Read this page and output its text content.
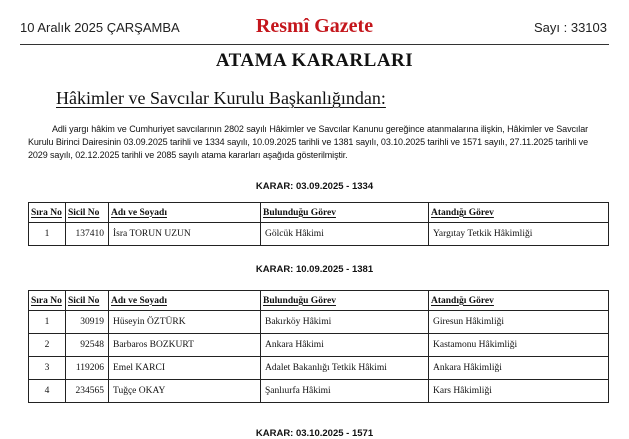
10 Aralık 2025 ÇARŞAMBA	Resmî Gazete	Sayı : 33103
ATAMA KARARLARI
Hâkimler ve Savcılar Kurulu Başkanlığından:
Adli yargı hâkim ve Cumhuriyet savcılarının 2802 sayılı Hâkimler ve Savcılar Kanunu gereğince atanmalarına ilişkin, Hâkimler ve Savcılar Kurulu Birinci Dairesinin 03.09.2025 tarihli ve 1334 sayılı, 10.09.2025 tarihli ve 1381 sayılı, 03.10.2025 tarihli ve 1571 sayılı, 27.11.2025 tarihli ve 2029 sayılı, 02.12.2025 tarihli ve 2085 sayılı atama kararları aşağıda gösterilmiştir.
KARAR: 03.09.2025 - 1334
Sıra No	Sicil No	Adı ve Soyadı	Bulunduğu Görev	Atandığı Görev
1	137410	İsra TORUN UZUN	Gölcük Hâkimi	Yargıtay Tetkik Hâkimliği
KARAR: 10.09.2025 - 1381
Sıra No	Sicil No	Adı ve Soyadı	Bulunduğu Görev	Atandığı Görev
1	30919	Hüseyin ÖZTÜRK	Bakırköy Hâkimi	Giresun Hâkimliği
2	92548	Barbaros BOZKURT	Ankara Hâkimi	Kastamonu Hâkimliği
3	119206	Emel KARCI	Adalet Bakanlığı Tetkik Hâkimi	Ankara Hâkimliği
4	234565	Tuğçe OKAY	Şanlıurfa Hâkimi	Kars Hâkimliği
KARAR: 03.10.2025 - 1571
